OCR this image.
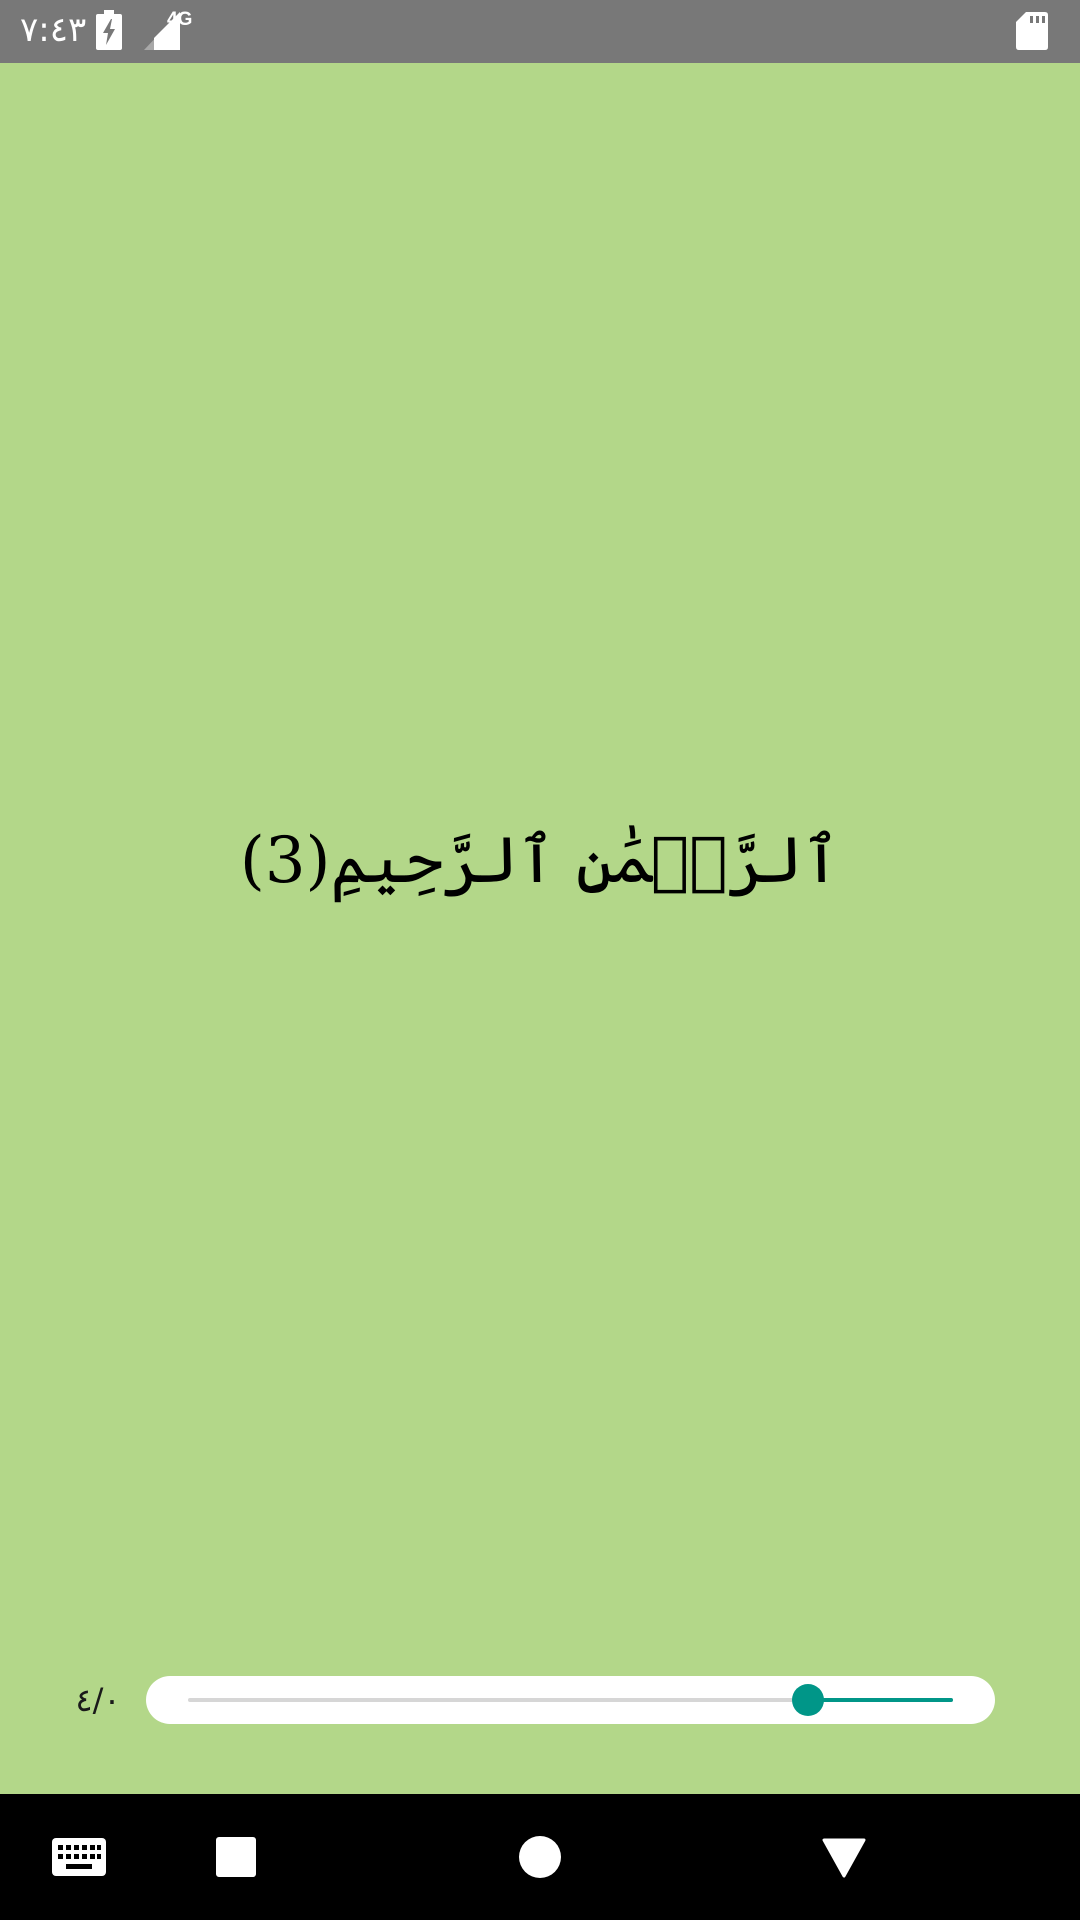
٧:٤٣	4G
ٱلرَّحۡمَٰنِ ٱلرَّحِيمِ(3)
٤/٠
